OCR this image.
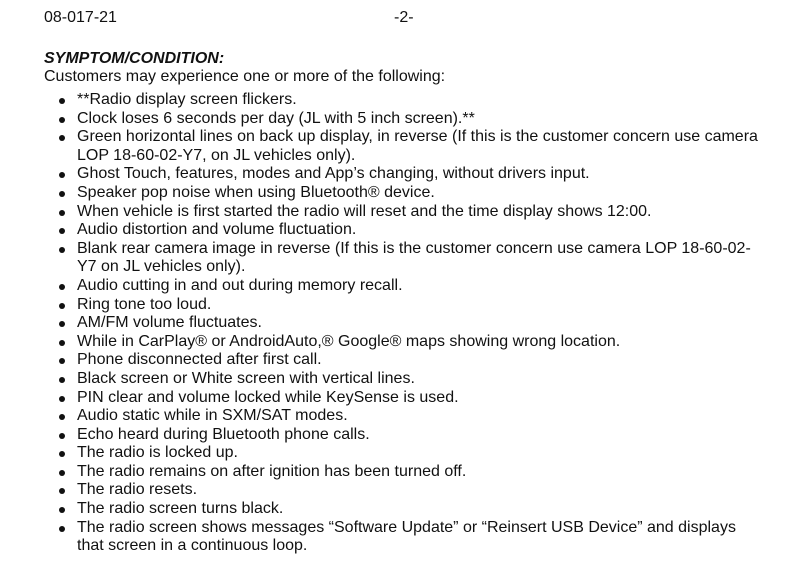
08-017-21	-2-
SYMPTOM/CONDITION:

Customers may experience one or more of the following:

**Radio display screen flickers.
Clock loses 6 seconds per day (JL with 5 inch screen).**
Green horizontal lines on back up display, in reverse (If this is the customer concern use camera LOP 18-60-02-Y7, on JL vehicles only).
Ghost Touch, features, modes and App’s changing, without drivers input.
Speaker pop noise when using Bluetooth® device.
When vehicle is first started the radio will reset and the time display shows 12:00.
Audio distortion and volume fluctuation.
Blank rear camera image in reverse (If this is the customer concern use camera LOP 18-60-02-Y7 on JL vehicles only).
Audio cutting in and out during memory recall.
Ring tone too loud.
AM/FM volume fluctuates.
While in CarPlay® or AndroidAuto,® Google® maps showing wrong location.
Phone disconnected after first call.
Black screen or White screen with vertical lines.
PIN clear and volume locked while KeySense is used.
Audio static while in SXM/SAT modes.
Echo heard during Bluetooth phone calls.
The radio is locked up.
The radio remains on after ignition has been turned off.
The radio resets.
The radio screen turns black.
The radio screen shows messages “Software Update” or “Reinsert USB Device” and displays that screen in a continuous loop.
